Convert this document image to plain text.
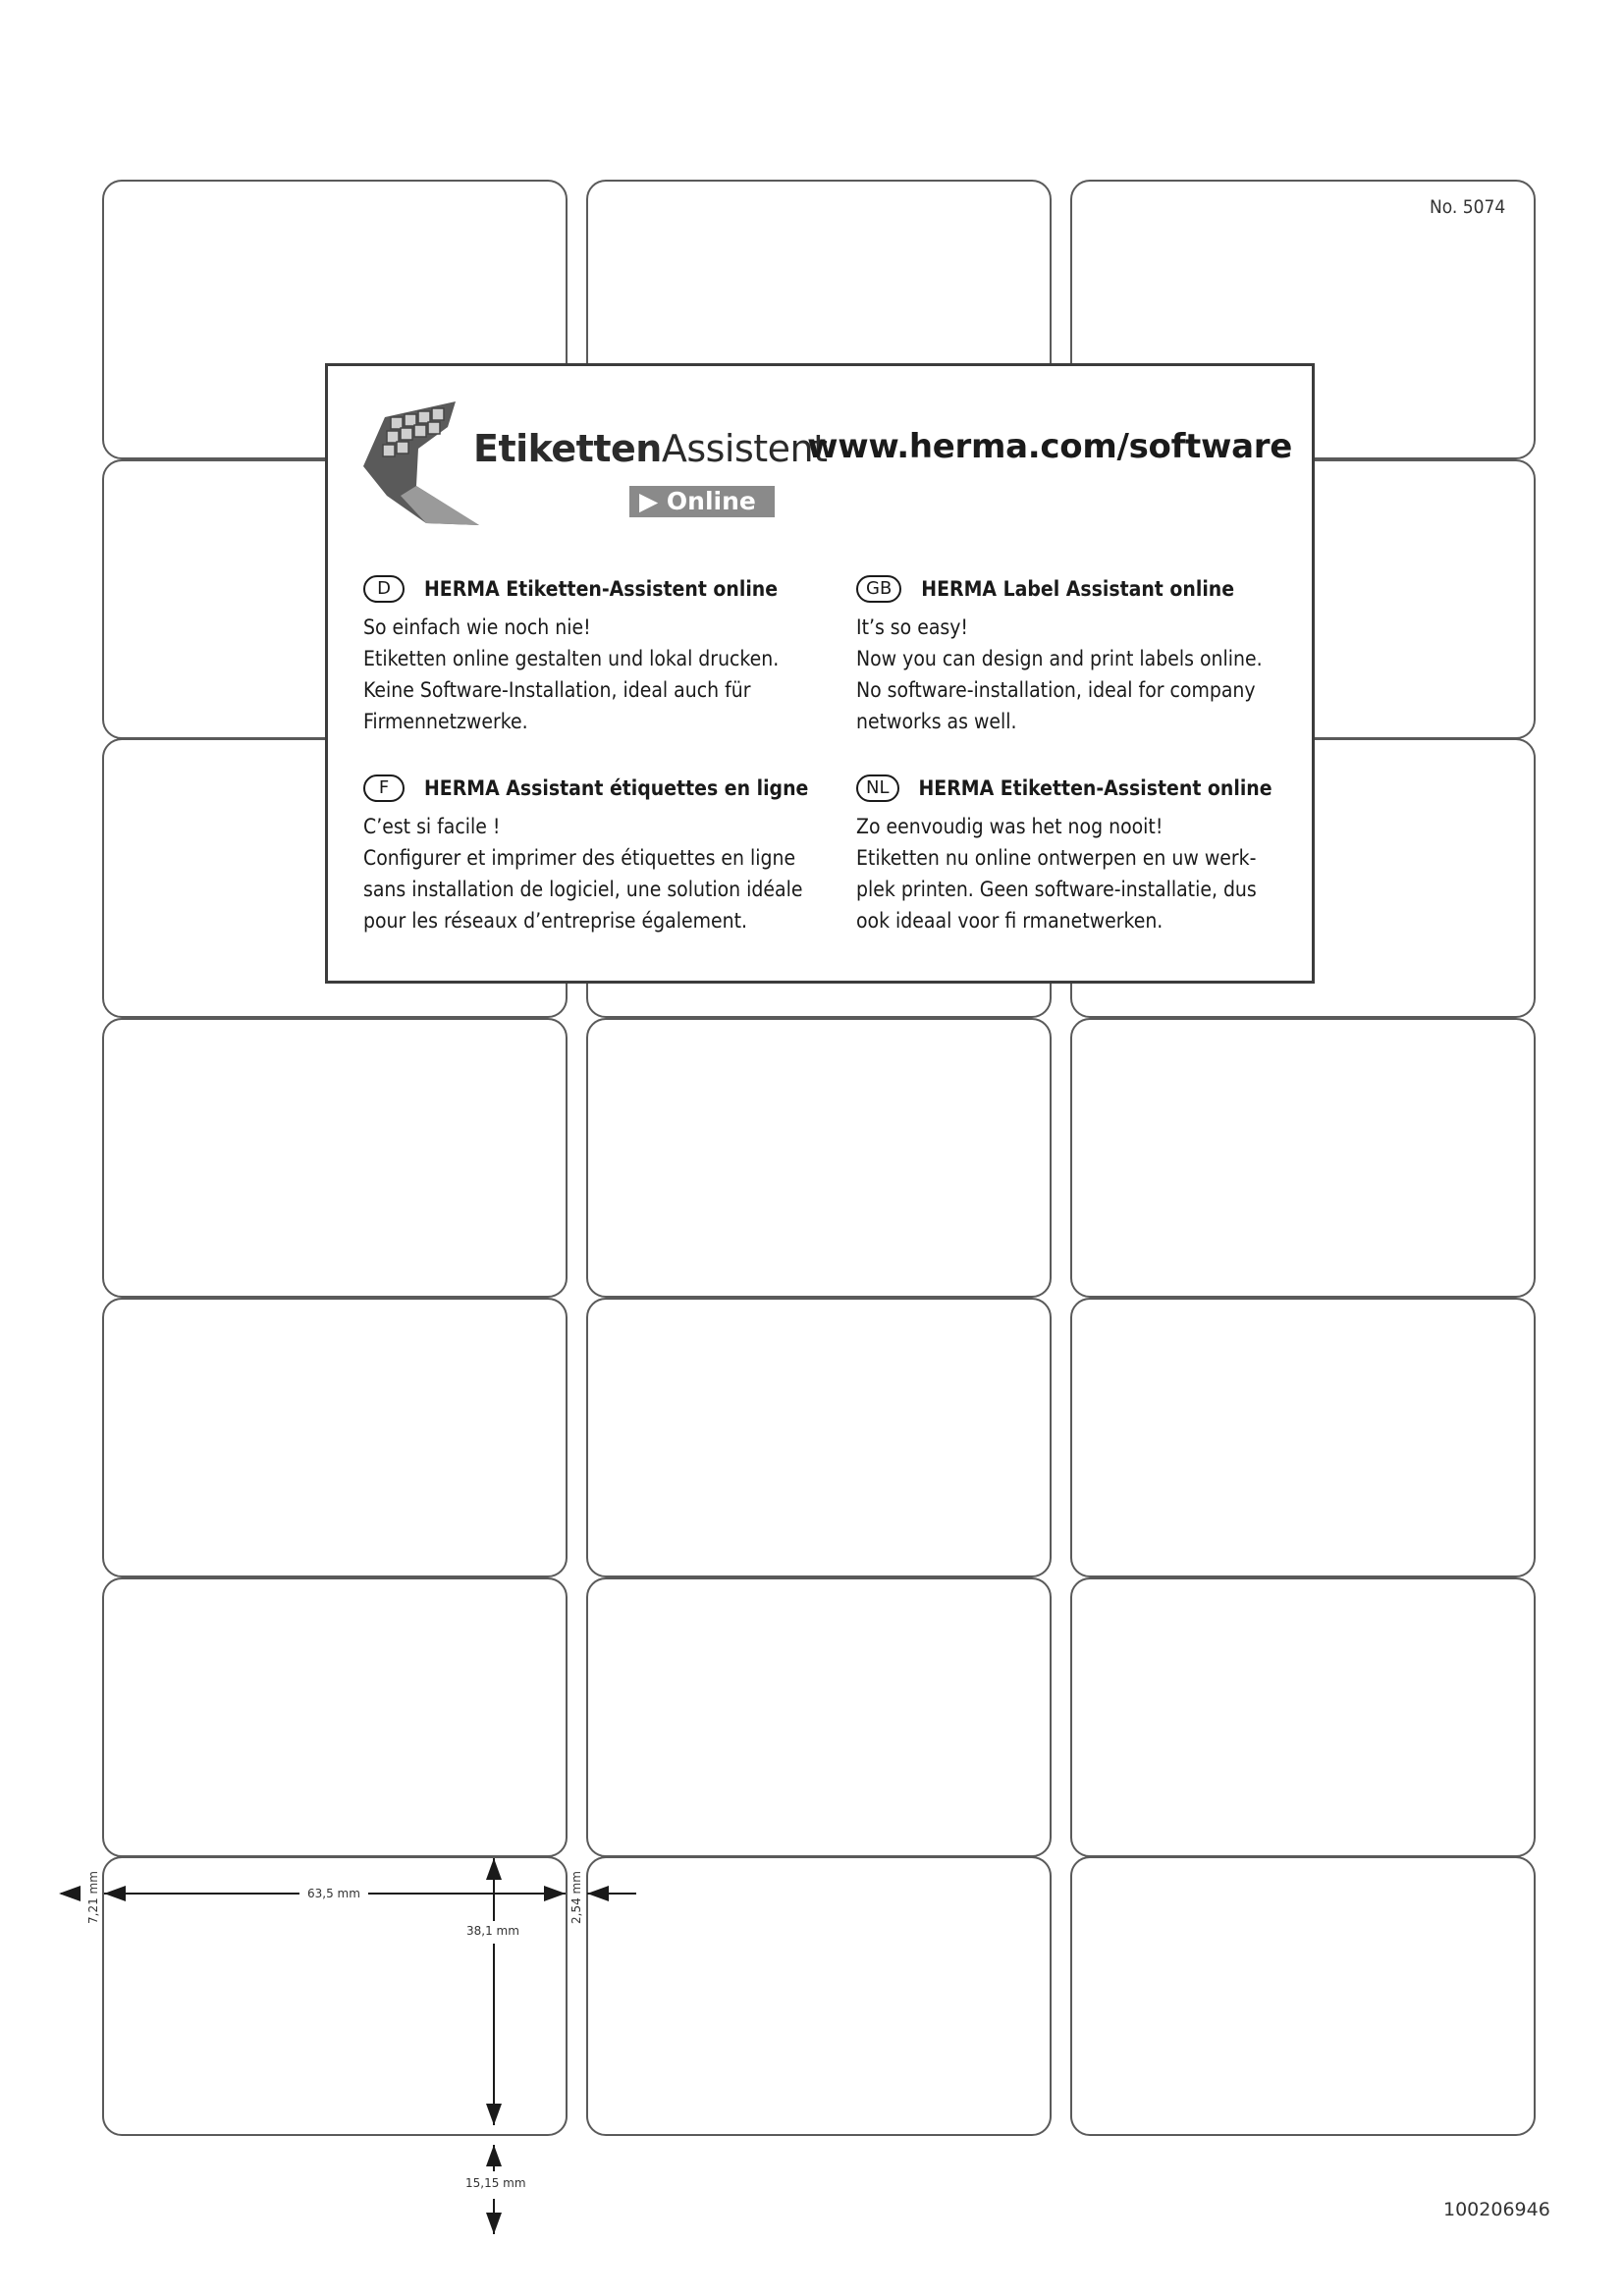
No. 5074
EtikettenAssistent
▶ Online
www.herma.com/software
D	HERMA Etiketten-Assistent online
So einfach wie noch nie!
Etiketten online gestalten und lokal drucken.
Keine Software-Installation, ideal auch für
Firmennetzwerke.
GB	HERMA Label Assistant online
It’s so easy!
Now you can design and print labels online.
No software-installation, ideal for company
networks as well.
F	HERMA Assistant étiquettes en ligne
C’est si facile !
Configurer et imprimer des étiquettes en ligne
sans installation de logiciel, une solution idéale
pour les réseaux d’entreprise également.
NL	HERMA Etiketten-Assistent online
Zo eenvoudig was het nog nooit!
Etiketten nu online ontwerpen en uw werk-
plek printen. Geen software-installatie, dus
ook ideaal voor fi rmanetwerken.
7,21 mm	63,5 mm
38,1 mm
2,54 mm
15,15 mm
100206946
